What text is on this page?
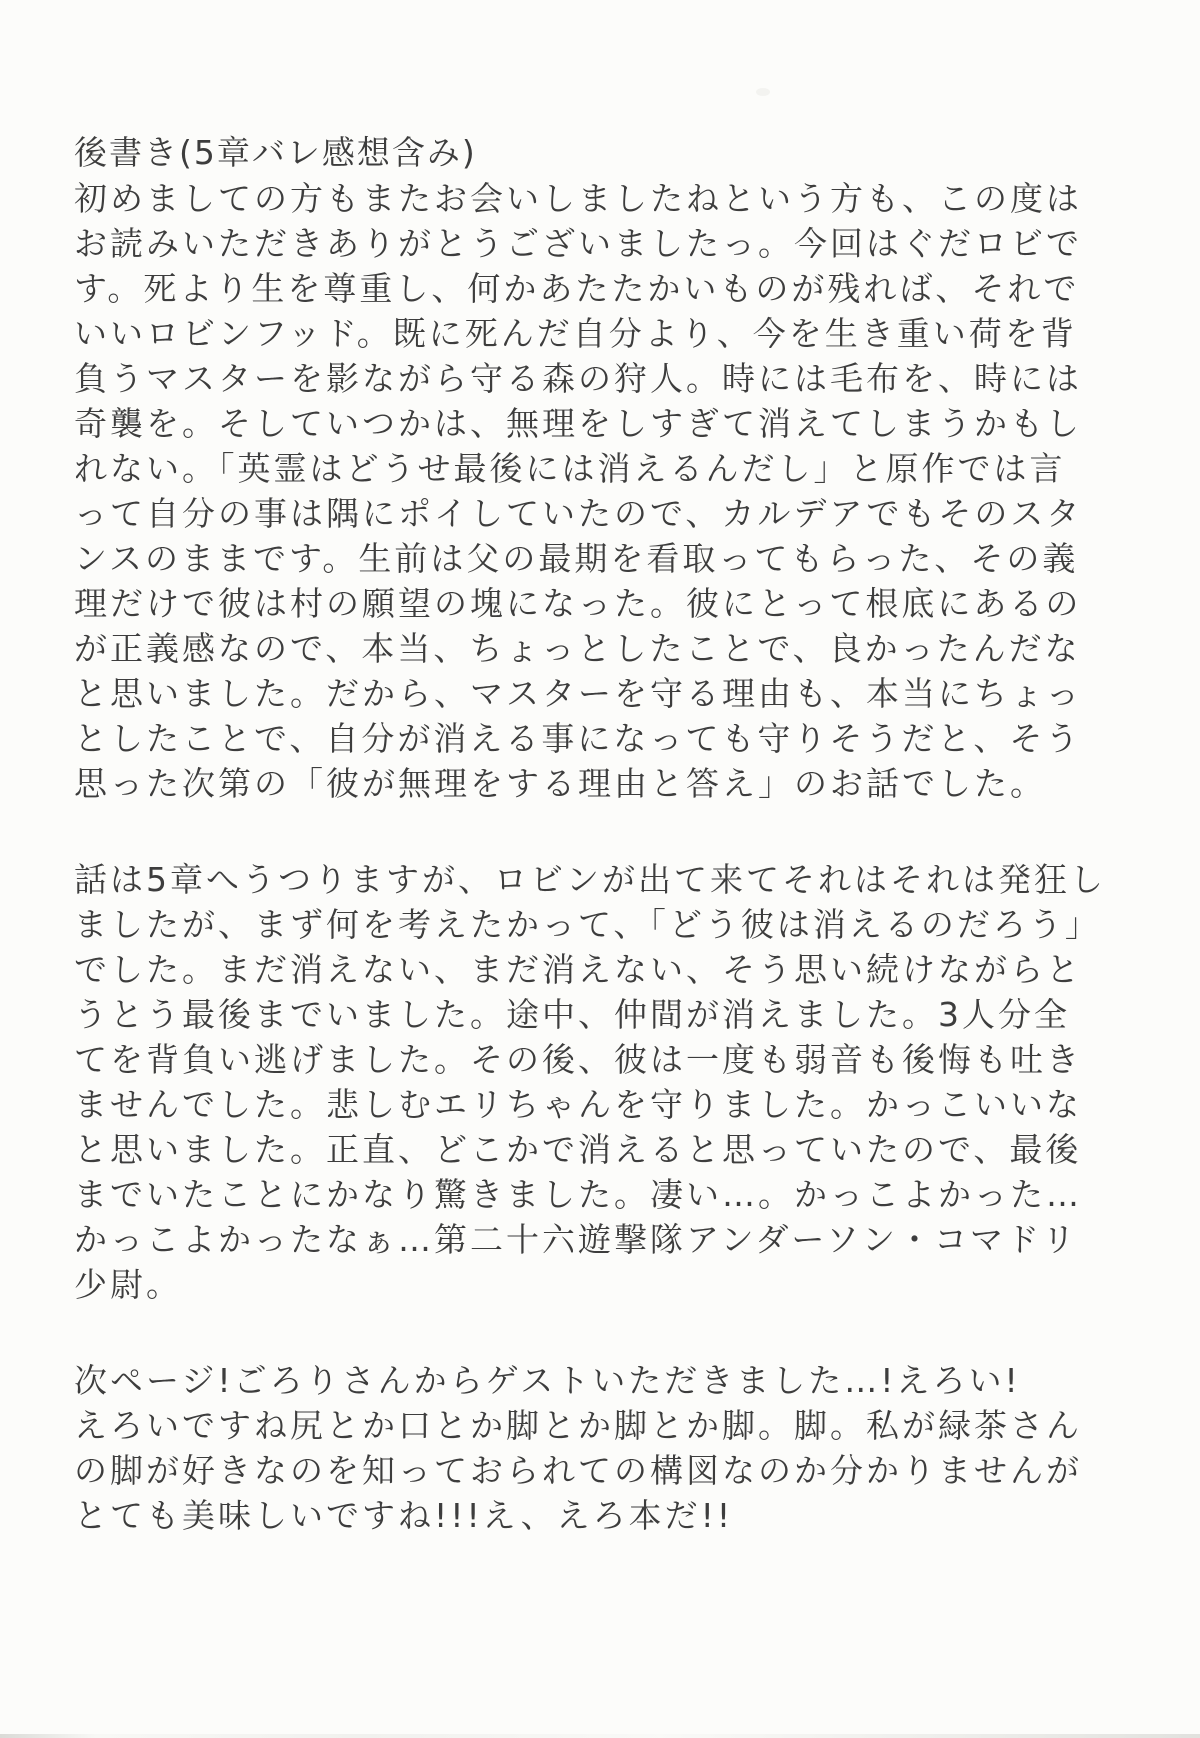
後書き(5章バレ感想含み)
初めましての方もまたお会いしましたねという方も、この度は
お読みいただきありがとうございましたっ。今回はぐだロビで
す。死より生を尊重し、何かあたたかいものが残れば、それで
いいロビンフッド。既に死んだ自分より、今を生き重い荷を背
負うマスターを影ながら守る森の狩人。時には毛布を、時には
奇襲を。そしていつかは、無理をしすぎて消えてしまうかもし
れない。「英霊はどうせ最後には消えるんだし」と原作では言
って自分の事は隅にポイしていたので、カルデアでもそのスタ
ンスのままです。生前は父の最期を看取ってもらった、その義
理だけで彼は村の願望の塊になった。彼にとって根底にあるの
が正義感なので、本当、ちょっとしたことで、良かったんだな
と思いました。だから、マスターを守る理由も、本当にちょっ
としたことで、自分が消える事になっても守りそうだと、そう
思った次第の「彼が無理をする理由と答え」のお話でした。
話は5章へうつりますが、ロビンが出て来てそれはそれは発狂し
ましたが、まず何を考えたかって、「どう彼は消えるのだろう」
でした。まだ消えない、まだ消えない、そう思い続けながらと
うとう最後までいました。途中、仲間が消えました。3人分全
てを背負い逃げました。その後、彼は一度も弱音も後悔も吐き
ませんでした。悲しむエリちゃんを守りました。かっこいいな
と思いました。正直、どこかで消えると思っていたので、最後
までいたことにかなり驚きました。凄い…。かっこよかった…
かっこよかったなぁ…第二十六遊撃隊アンダーソン・コマドリ
少尉。
次ページ!ごろりさんからゲストいただきました…!えろい!
えろいですね尻とか口とか脚とか脚とか脚。脚。私が緑茶さん
の脚が好きなのを知っておられての構図なのか分かりませんが
とても美味しいですね!!!え、えろ本だ!!
